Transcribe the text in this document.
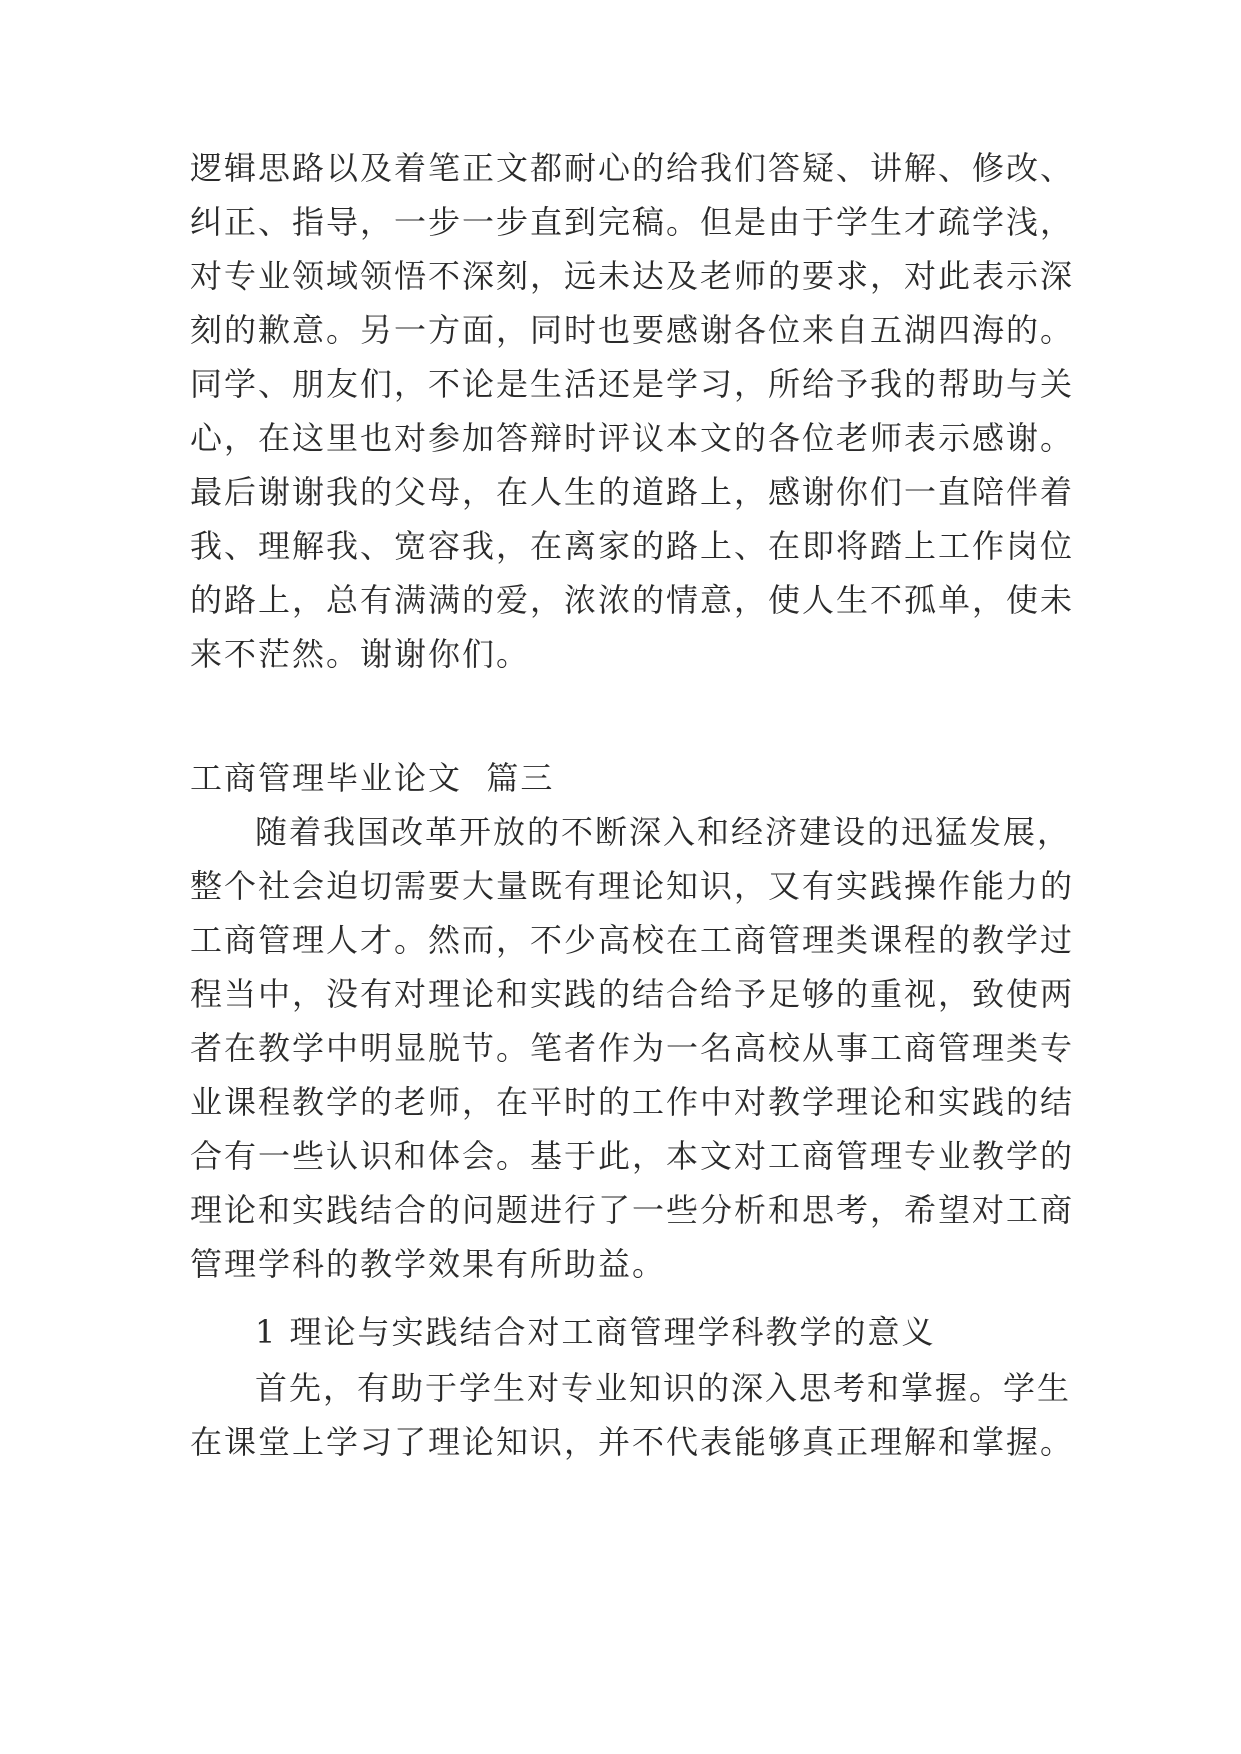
逻辑思路以及着笔正文都耐心的给我们答疑、讲解、修改、
纠正、指导，一步一步直到完稿。但是由于学生才疏学浅，
对专业领域领悟不深刻，远未达及老师的要求，对此表示深
刻的歉意。另一方面，同时也要感谢各位来自五湖四海的。
同学、朋友们，不论是生活还是学习，所给予我的帮助与关
心，在这里也对参加答辩时评议本文的各位老师表示感谢。
最后谢谢我的父母，在人生的道路上，感谢你们一直陪伴着
我、理解我、宽容我，在离家的路上、在即将踏上工作岗位
的路上，总有满满的爱，浓浓的情意，使人生不孤单，使未
来不茫然。谢谢你们。
工商管理毕业论文  篇三
随着我国改革开放的不断深入和经济建设的迅猛发展，
整个社会迫切需要大量既有理论知识，又有实践操作能力的
工商管理人才。然而，不少高校在工商管理类课程的教学过
程当中，没有对理论和实践的结合给予足够的重视，致使两
者在教学中明显脱节。笔者作为一名高校从事工商管理类专
业课程教学的老师，在平时的工作中对教学理论和实践的结
合有一些认识和体会。基于此，本文对工商管理专业教学的
理论和实践结合的问题进行了一些分析和思考，希望对工商
管理学科的教学效果有所助益。
1 理论与实践结合对工商管理学科教学的意义
首先，有助于学生对专业知识的深入思考和掌握。学生
在课堂上学习了理论知识，并不代表能够真正理解和掌握。
